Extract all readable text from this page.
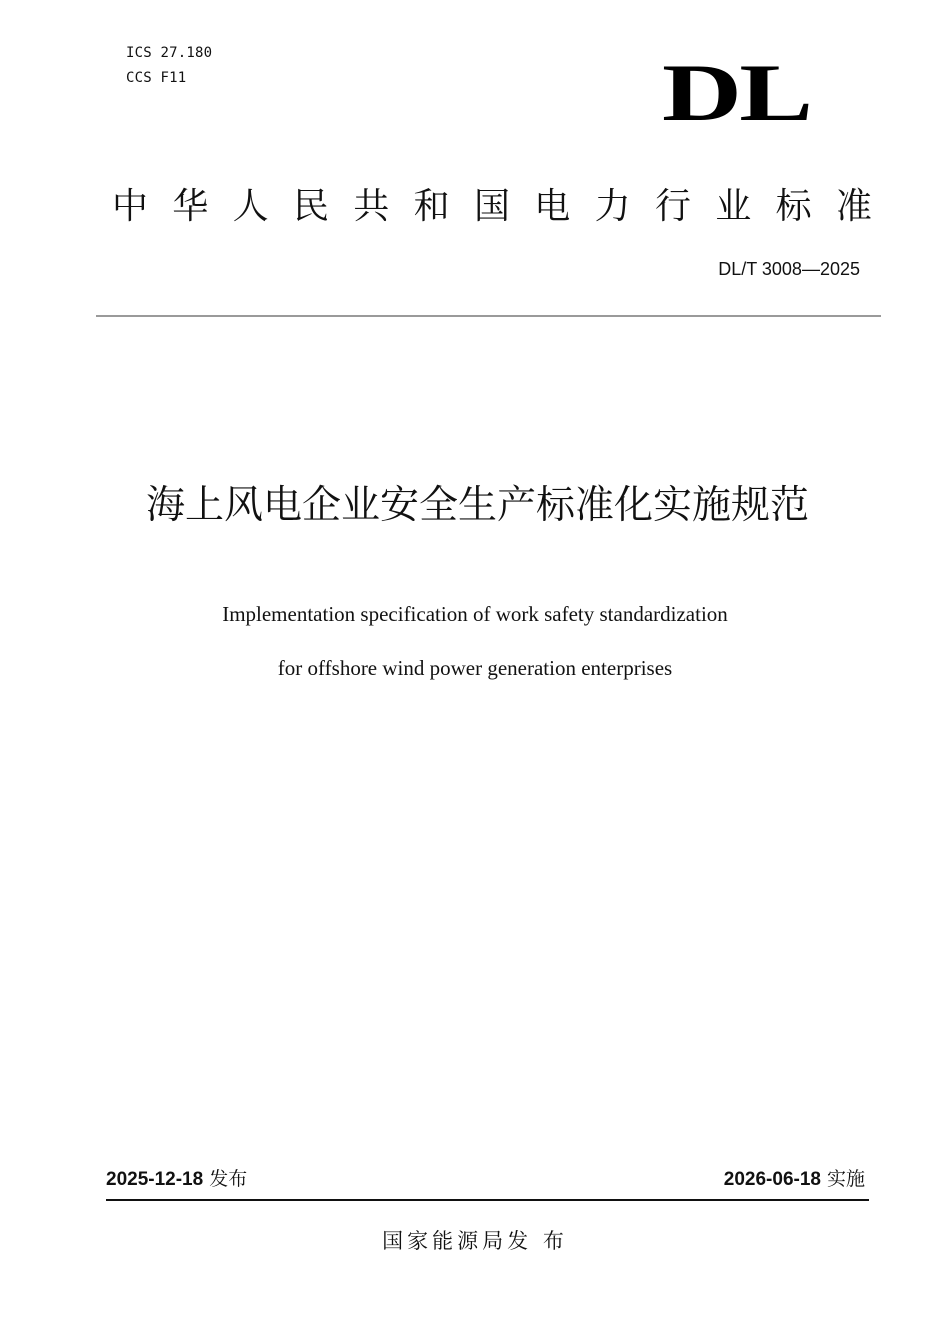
ICS 27.180
CCS F11	DL
中 华 人 民 共 和 国 电 力 行 业 标 准
DL/T 3008—2025
海上风电企业安全生产标准化实施规范
Implementation specification of work safety standardization
for offshore wind power generation enterprises
2025-12-18 发布	2026-06-18 实施
国家能源局发 布
